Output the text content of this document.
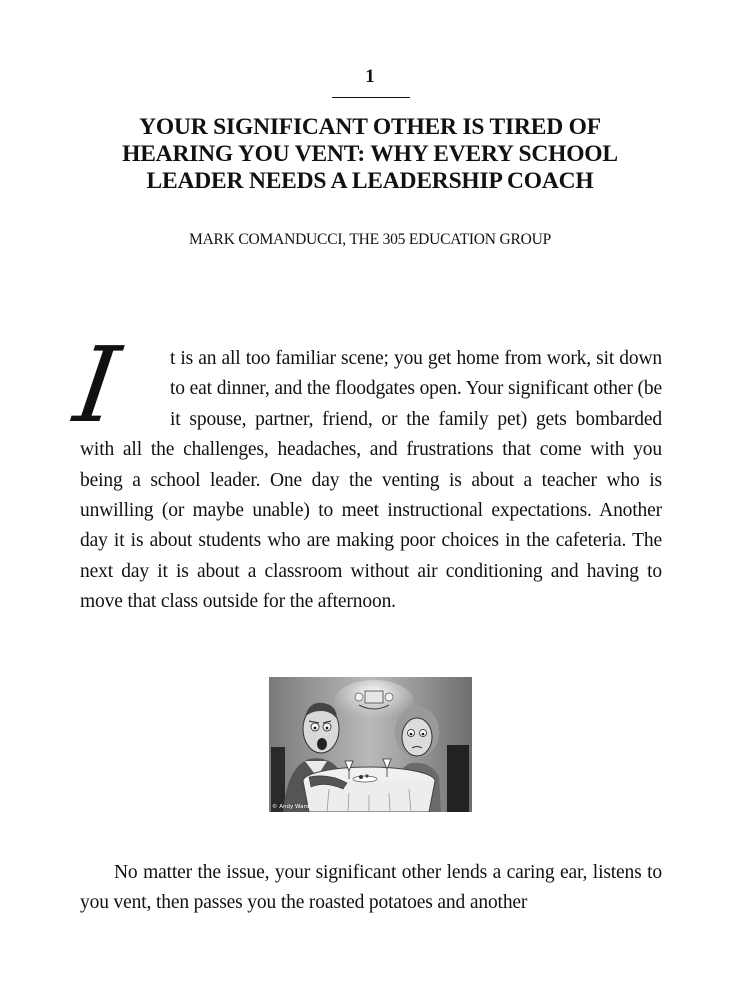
1
YOUR SIGNIFICANT OTHER IS TIRED OF HEARING YOU VENT: WHY EVERY SCHOOL LEADER NEEDS A LEADERSHIP COACH
MARK COMANDUCCI, THE 305 EDUCATION GROUP

I	t is an all too familiar scene; you get home from work, sit down to eat dinner, and the floodgates open. Your significant other (be it spouse, partner, friend, or the family pet) gets bombarded with all the challenges, headaches, and frustrations that come with you being a school leader. One day the venting is about a teacher who is unwilling (or maybe unable) to meet instructional expectations. Another day it is about students who are making poor choices in the cafeteria. The next day it is about a classroom without air conditioning and having to move that class outside for the afternoon.

© Andy Ward

No matter the issue, your significant other lends a caring ear, listens to you vent, then passes you the roasted potatoes and another
